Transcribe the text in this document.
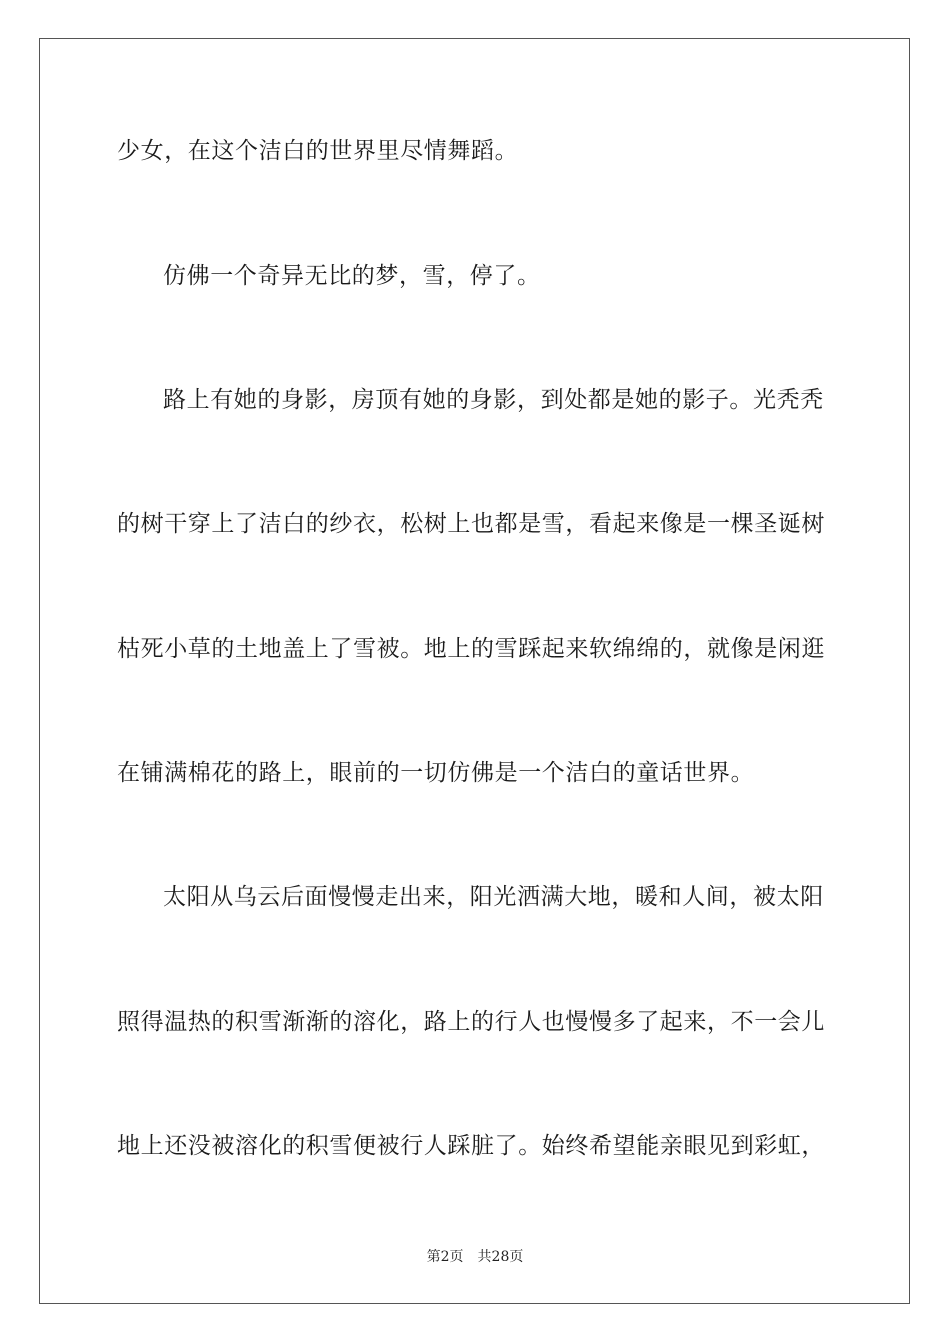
少女，在这个洁白的世界里尽情舞蹈。
仿佛一个奇异无比的梦，雪，停了。
路上有她的身影，房顶有她的身影，到处都是她的影子。光秃秃
的树干穿上了洁白的纱衣，松树上也都是雪，看起来像是一棵圣诞树
枯死小草的土地盖上了雪被。地上的雪踩起来软绵绵的，就像是闲逛
在铺满棉花的路上，眼前的一切仿佛是一个洁白的童话世界。
太阳从乌云后面慢慢走出来，阳光洒满大地，暖和人间，被太阳
照得温热的积雪渐渐的溶化，路上的行人也慢慢多了起来，不一会儿
地上还没被溶化的积雪便被行人踩脏了。始终希望能亲眼见到彩虹，
第2页　共28页
